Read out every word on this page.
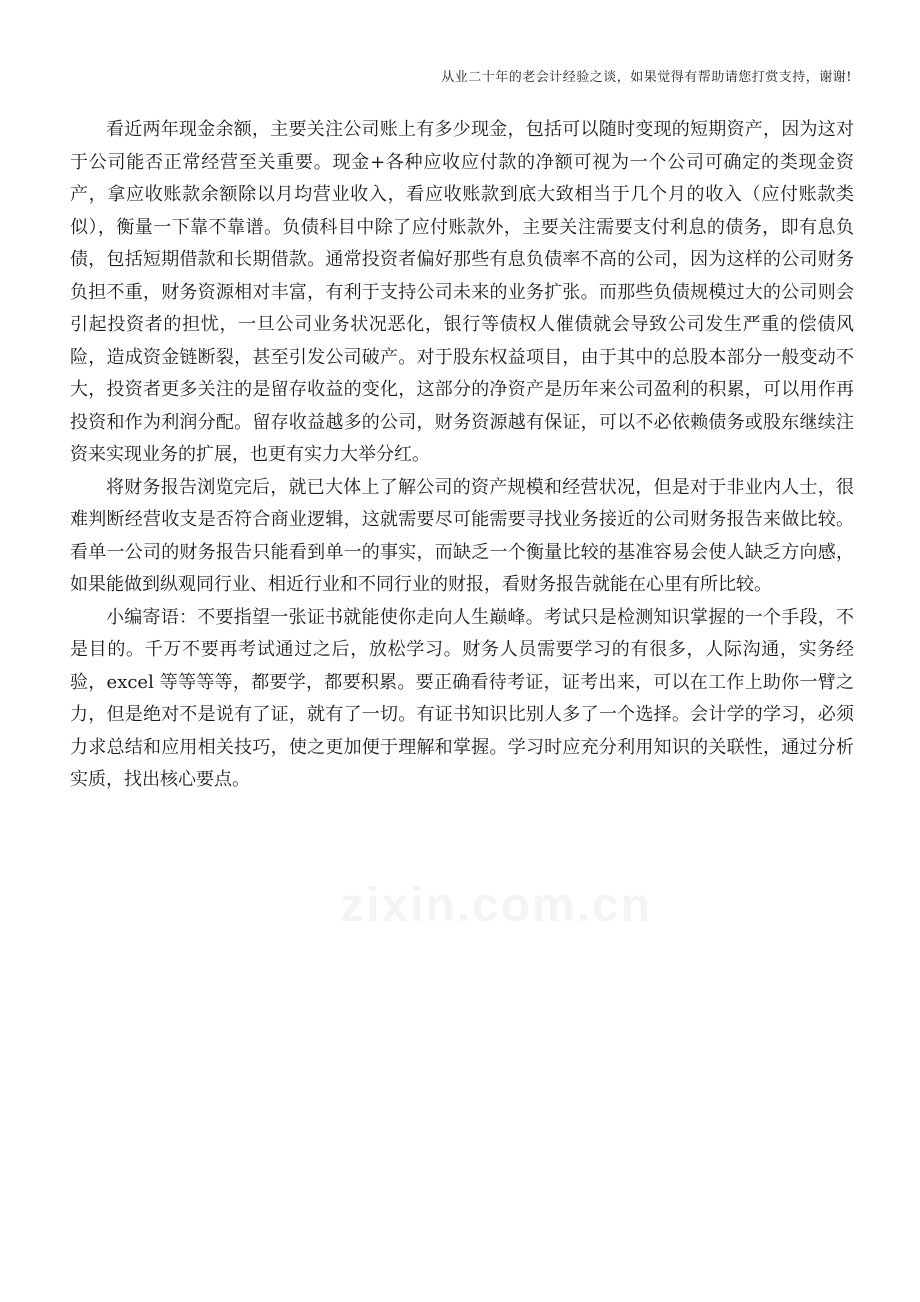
从业二十年的老会计经验之谈，如果觉得有帮助请您打赏支持，谢谢!

看近两年现金余额，主要关注公司账上有多少现金，包括可以随时变现的短期资产，因为这对于公司能否正常经营至关重要。现金+各种应收应付款的净额可视为一个公司可确定的类现金资产，拿应收账款余额除以月均营业收入，看应收账款到底大致相当于几个月的收入（应付账款类似），衡量一下靠不靠谱。负债科目中除了应付账款外，主要关注需要支付利息的债务，即有息负债，包括短期借款和长期借款。通常投资者偏好那些有息负债率不高的公司，因为这样的公司财务负担不重，财务资源相对丰富，有利于支持公司未来的业务扩张。而那些负债规模过大的公司则会引起投资者的担忧，一旦公司业务状况恶化，银行等债权人催债就会导致公司发生严重的偿债风险，造成资金链断裂，甚至引发公司破产。对于股东权益项目，由于其中的总股本部分一般变动不大，投资者更多关注的是留存收益的变化，这部分的净资产是历年来公司盈利的积累，可以用作再投资和作为利润分配。留存收益越多的公司，财务资源越有保证，可以不必依赖债务或股东继续注资来实现业务的扩展，也更有实力大举分红。

将财务报告浏览完后，就已大体上了解公司的资产规模和经营状况，但是对于非业内人士，很难判断经营收支是否符合商业逻辑，这就需要尽可能需要寻找业务接近的公司财务报告来做比较。看单一公司的财务报告只能看到单一的事实，而缺乏一个衡量比较的基准容易会使人缺乏方向感，如果能做到纵观同行业、相近行业和不同行业的财报，看财务报告就能在心里有所比较。

小编寄语：不要指望一张证书就能使你走向人生巅峰。考试只是检测知识掌握的一个手段，不是目的。千万不要再考试通过之后，放松学习。财务人员需要学习的有很多，人际沟通，实务经验，excel 等等等等，都要学，都要积累。要正确看待考证，证考出来，可以在工作上助你一臂之力，但是绝对不是说有了证，就有了一切。有证书知识比别人多了一个选择。会计学的学习，必须力求总结和应用相关技巧，使之更加便于理解和掌握。学习时应充分利用知识的关联性，通过分析实质，找出核心要点。

zixin.com.cn
